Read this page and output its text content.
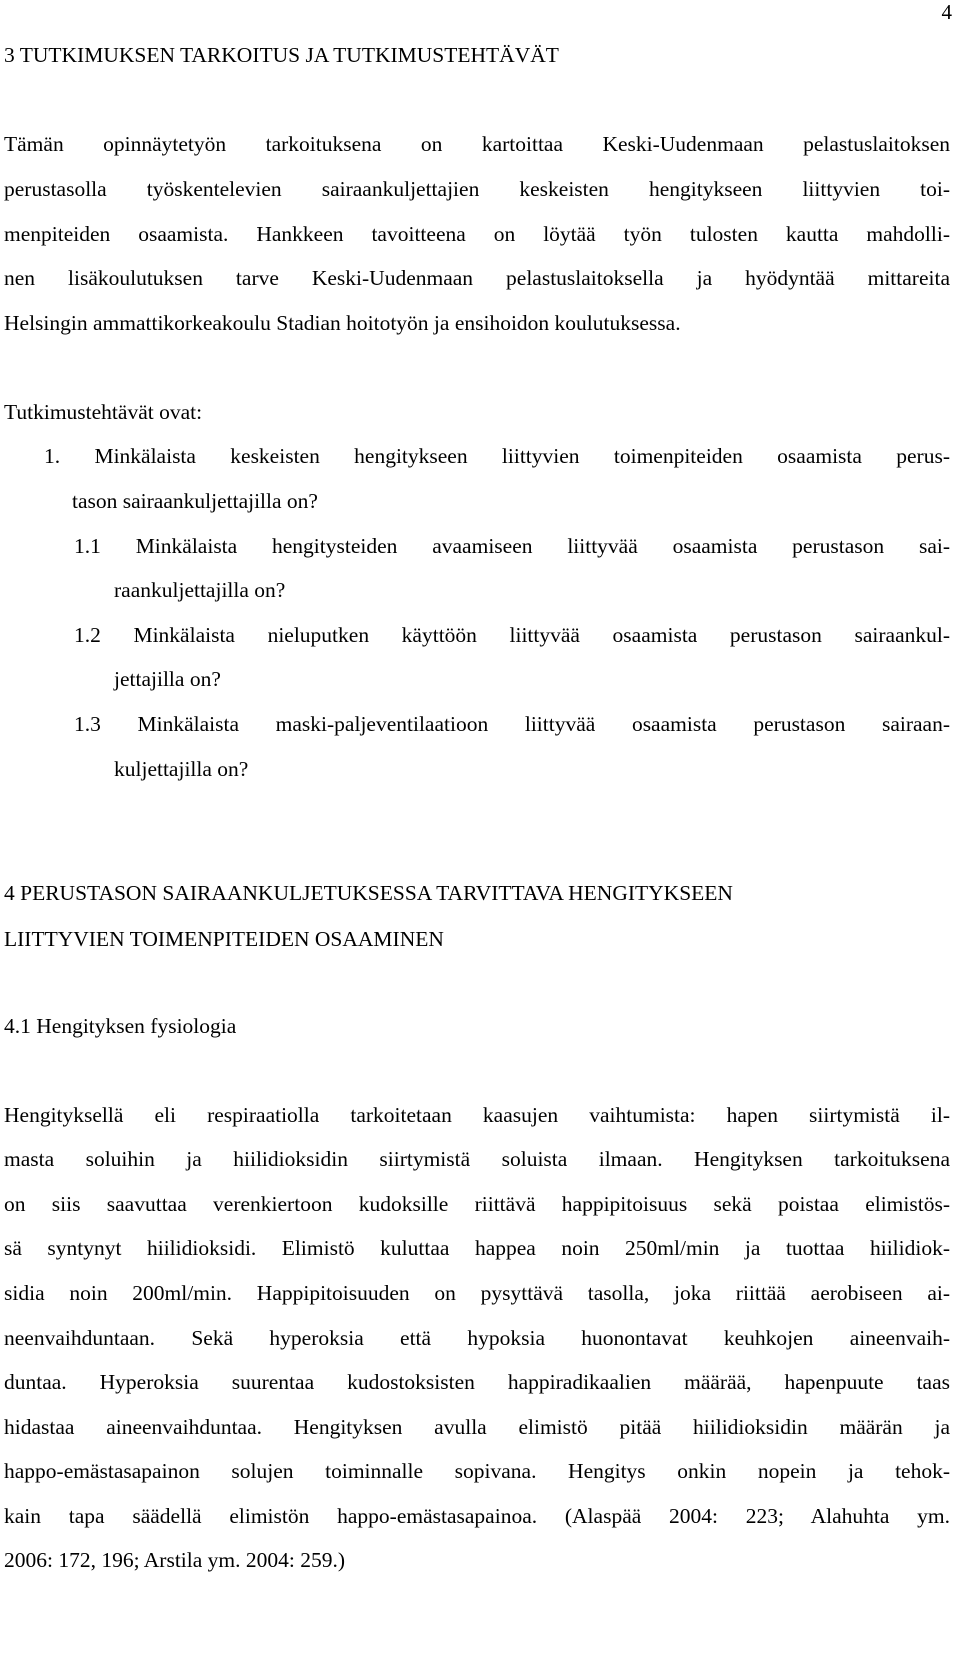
4
3 TUTKIMUKSEN TARKOITUS JA TUTKIMUSTEHTÄVÄT
Tämän opinnäytetyön tarkoituksena on kartoittaa Keski-Uudenmaan pelastuslaitoksen
perustasolla työskentelevien sairaankuljettajien keskeisten hengitykseen liittyvien toi-
menpiteiden osaamista. Hankkeen tavoitteena on löytää työn tulosten kautta mahdolli-
nen lisäkoulutuksen tarve Keski-Uudenmaan pelastuslaitoksella ja hyödyntää mittareita
Helsingin ammattikorkeakoulu Stadian hoitotyön ja ensihoidon koulutuksessa.
Tutkimustehtävät ovat:
1. Minkälaista keskeisten hengitykseen liittyvien toimenpiteiden osaamista perus-
tason sairaankuljettajilla on?
1.1 Minkälaista hengitysteiden avaamiseen liittyvää osaamista perustason sai-
raankuljettajilla on?
1.2 Minkälaista nieluputken käyttöön liittyvää osaamista perustason sairaankul-
jettajilla on?
1.3 Minkälaista maski-paljeventilaatioon liittyvää osaamista perustason sairaan-
kuljettajilla on?
4 PERUSTASON SAIRAANKULJETUKSESSA TARVITTAVA HENGITYKSEEN
LIITTYVIEN TOIMENPITEIDEN OSAAMINEN
4.1 Hengityksen fysiologia
Hengityksellä eli respiraatiolla tarkoitetaan kaasujen vaihtumista: hapen siirtymistä il-
masta soluihin ja hiilidioksidin siirtymistä soluista ilmaan. Hengityksen tarkoituksena
on siis saavuttaa verenkiertoon kudoksille riittävä happipitoisuus sekä poistaa elimistös-
sä syntynyt hiilidioksidi. Elimistö kuluttaa happea noin 250ml/min ja tuottaa hiilidiok-
sidia noin 200ml/min. Happipitoisuuden on pysyttävä tasolla, joka riittää aerobiseen ai-
neenvaihduntaan. Sekä hyperoksia että hypoksia huonontavat keuhkojen aineenvaih-
duntaa. Hyperoksia suurentaa kudostoksisten happiradikaalien määrää, hapenpuute taas
hidastaa aineenvaihduntaa. Hengityksen avulla elimistö pitää hiilidioksidin määrän ja
happo-emästasapainon solujen toiminnalle sopivana. Hengitys onkin nopein ja tehok-
kain tapa säädellä elimistön happo-emästasapainoa. (Alaspää 2004: 223; Alahuhta ym.
2006: 172, 196; Arstila ym. 2004: 259.)
